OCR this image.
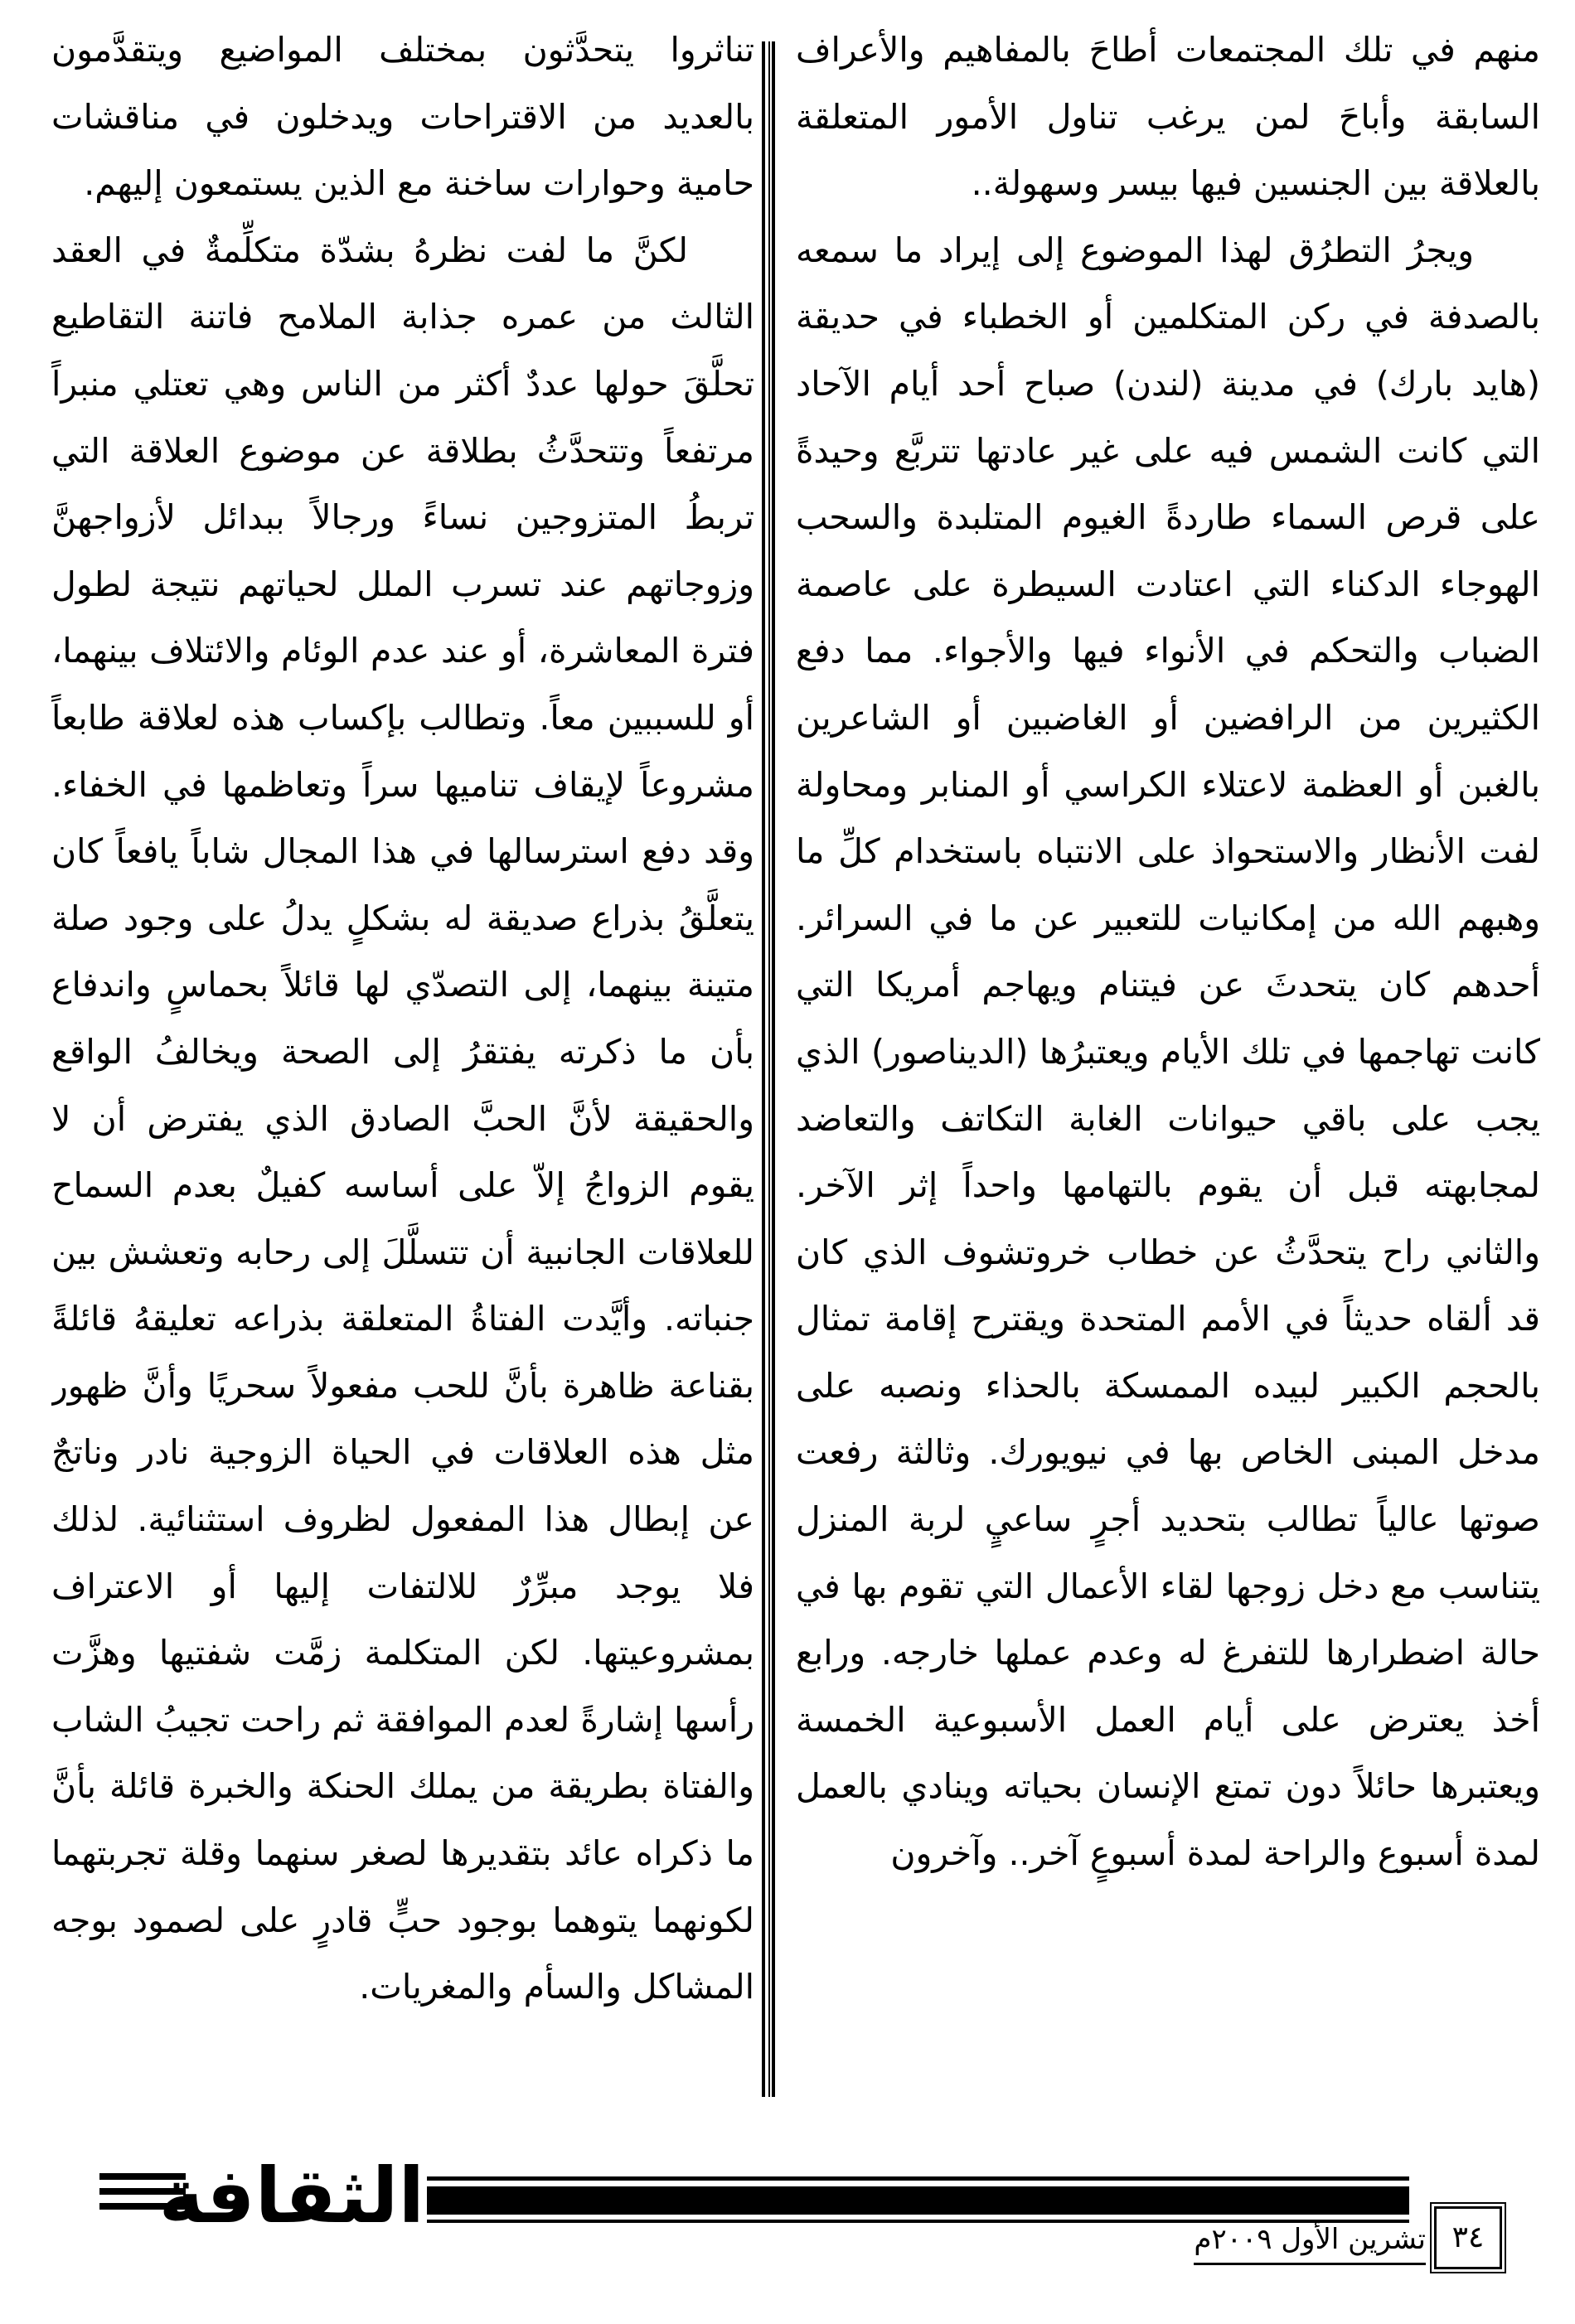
منهم في تلك المجتمعات أطاحَ بالمفاهيم والأعراف السابقة وأباحَ لمن يرغب تناول الأمور المتعلقة بالعلاقة بين الجنسين فيها بيسر وسهولة..

ويجرُ التطرُق لهذا الموضوع إلى إيراد ما سمعه بالصدفة في ركن المتكلمين أو الخطباء في حديقة (هايد بارك) في مدينة (لندن) صباح أحد أيام الآحاد التي كانت الشمس فيه على غير عادتها تتربَّع وحيدةً على قرص السماء طاردةً الغيوم المتلبدة والسحب الهوجاء الدكناء التي اعتادت السيطرة على عاصمة الضباب والتحكم في الأنواء فيها والأجواء. مما دفع الكثيرين من الرافضين أو الغاضبين أو الشاعرين بالغبن أو العظمة لاعتلاء الكراسي أو المنابر ومحاولة لفت الأنظار والاستحواذ على الانتباه باستخدام كلِّ ما وهبهم الله من إمكانيات للتعبير عن ما في السرائر. أحدهم كان يتحدثَ عن فيتنام ويهاجم أمريكا التي كانت تهاجمها في تلك الأيام ويعتبرُها (الديناصور) الذي يجب على باقي حيوانات الغابة التكاتف والتعاضد لمجابهته قبل أن يقوم بالتهامها واحداً إثر الآخر. والثاني راح يتحدَّثُ عن خطاب خروتشوف الذي كان قد ألقاه حديثاً في الأمم المتحدة ويقترح إقامة تمثال بالحجم الكبير لبيده الممسكة بالحذاء ونصبه على مدخل المبنى الخاص بها في نيويورك. وثالثة رفعت صوتها عالياً تطالب بتحديد أجرٍ ساعيٍ لربة المنزل يتناسب مع دخل زوجها لقاء الأعمال التي تقوم بها في حالة اضطرارها للتفرغ له وعدم عملها خارجه. ورابع أخذ يعترض على أيام العمل الأسبوعية الخمسة ويعتبرها حائلاً دون تمتع الإنسان بحياته وينادي بالعمل لمدة أسبوع والراحة لمدة أسبوعٍ آخر.. وآخرون

تناثروا يتحدَّثون بمختلف المواضيع ويتقدَّمون بالعديد من الاقتراحات ويدخلون في مناقشات حامية وحوارات ساخنة مع الذين يستمعون إليهم.

لكنَّ ما لفت نظرهُ بشدّة متكلِّمةٌ في العقد الثالث من عمره جذابة الملامح فاتنة التقاطيع تحلَّقَ حولها عددٌ أكثر من الناس وهي تعتلي منبراً مرتفعاً وتتحدَّثُ بطلاقة عن موضوع العلاقة التي تربطُ المتزوجين نساءً ورجالاً ببدائل لأزواجهنَّ وزوجاتهم عند تسرب الملل لحياتهم نتيجة لطول فترة المعاشرة، أو عند عدم الوئام والائتلاف بينهما، أو للسببين معاً. وتطالب بإكساب هذه لعلاقة طابعاً مشروعاً لإيقاف تناميها سراً وتعاظمها في الخفاء. وقد دفع استرسالها في هذا المجال شاباً يافعاً كان يتعلَّقُ بذراع صديقة له بشكلٍ يدلُ على وجود صلة متينة بينهما، إلى التصدّي لها قائلاً بحماسٍ واندفاع بأن ما ذكرته يفتقرُ إلى الصحة ويخالفُ الواقع والحقيقة لأنَّ الحبَّ الصادق الذي يفترض أن لا يقوم الزواجُ إلاّ على أساسه كفيلٌ بعدم السماح للعلاقات الجانبية أن تتسلَّلَ إلى رحابه وتعشش بين جنباته. وأيَّدت الفتاةُ المتعلقة بذراعه تعليقهُ قائلةً بقناعة ظاهرة بأنَّ للحب مفعولاً سحريًا وأنَّ ظهور مثل هذه العلاقات في الحياة الزوجية نادر وناتجٌ عن إبطال هذا المفعول لظروف استثنائية. لذلك فلا يوجد مبرِّرٌ للالتفات إليها أو الاعتراف بمشروعيتها. لكن المتكلمة زمَّت شفتيها وهزَّت رأسها إشارةً لعدم الموافقة ثم راحت تجيبُ الشاب والفتاة بطريقة من يملك الحنكة والخبرة قائلة بأنَّ ما ذكراه عائد بتقديرها لصغر سنهما وقلة تجربتهما لكونهما يتوهما بوجود حبٍّ قادرٍ على لصمود بوجه المشاكل والسأم والمغريات.

الثقافة	تشرين الأول ٢٠٠٩م ٣٤
